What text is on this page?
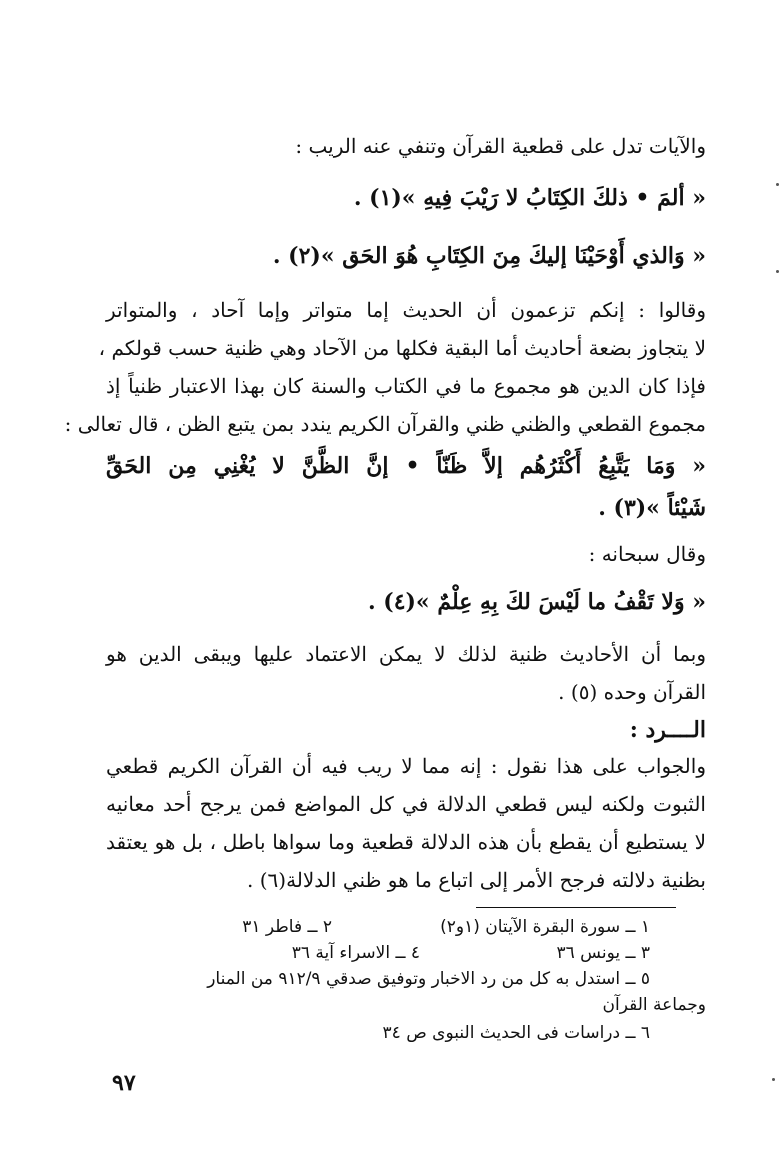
والآيات تدل على قطعية القرآن وتنفي عنه الريب :
« ألمَ • ذلكَ الكِتَابُ لا رَيْبَ فِيهِ »(١) .
« وَالذي أَوْحَيْنَا إليكَ مِنَ الكِتَابِ هُوَ الحَق »(٢) .
وقالوا : إنكم تزعمون أن الحديث إما متواتر وإما آحاد ، والمتواتر
لا يتجاوز بضعة أحاديث أما البقية فكلها من الآحاد وهي ظنية حسب قولكم ،
فإذا كان الدين هو مجموع ما في الكتاب والسنة كان بهذا الاعتبار ظنياً إذ
مجموع القطعي والظني ظني والقرآن الكريم يندد بمن يتبع الظن ، قال تعالى :
« وَمَا يَتَّبِعُ أَكْثَرُهُم إلاَّ ظَنّاً • إنَّ الظَّنَّ لا يُغْنِي مِن الحَقِّ
شَيْئاً »(٣) .
وقال سبحانه :
« وَلا تَقْفُ ما لَيْسَ لكَ بِهِ عِلْمٌ »(٤) .
وبما أن الأحاديث ظنية لذلك لا يمكن الاعتماد عليها ويبقى الدين هو
القرآن وحده (٥) .
الــــرد :
والجواب على هذا نقول : إنه مما لا ريب فيه أن القرآن الكريم قطعي
الثبوت ولكنه ليس قطعي الدلالة في كل المواضع فمن يرجح أحد معانيه
لا يستطيع أن يقطع بأن هذه الدلالة قطعية وما سواها باطل ، بل هو يعتقد
بظنية دلالته فرجح الأمر إلى اتباع ما هو ظني الدلالة(٦) .
١ ــ سورة البقرة الآيتان (١و٢)
٢ ــ فاطر ٣١
٣ ــ يونس ٣٦
٤ ــ الاسراء آية ٣٦
٥ ــ استدل به كل من رد الاخبار وتوفيق صدقي ٩١٢/٩ من المنار
وجماعة القرآن
٦ ــ دراسات فى الحديث النبوى ص ٣٤
٩٧
